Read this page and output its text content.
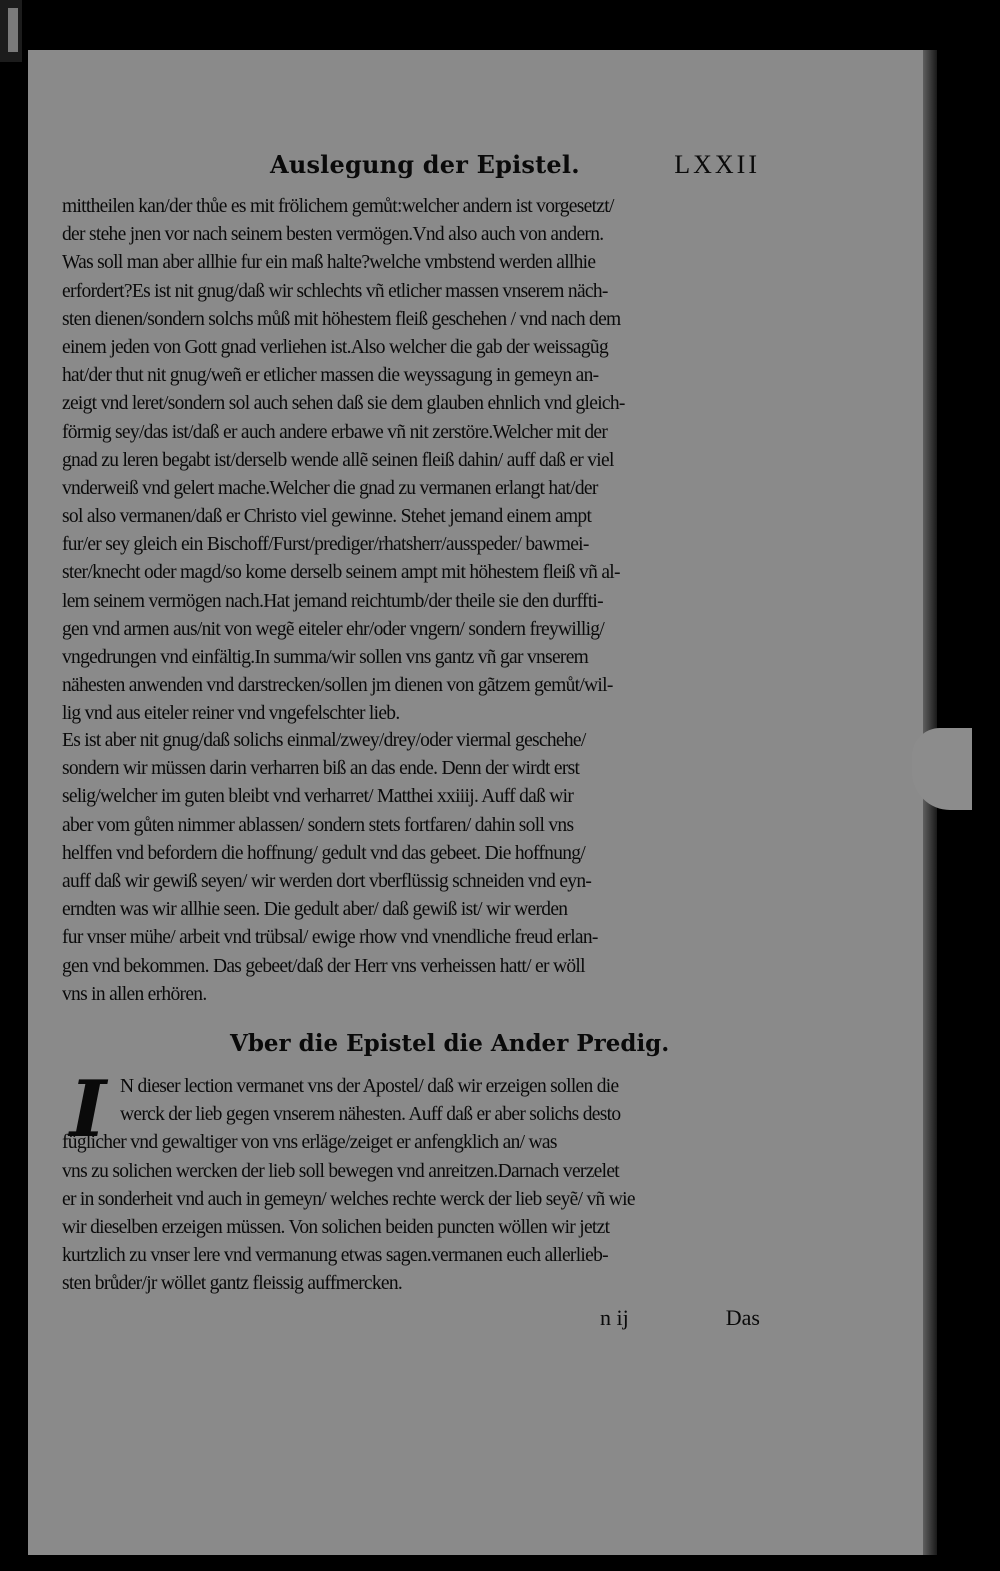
Auslegung der Epistel.	LXXII
mittheilen kan/der thůe es mit frölichem gemůt:welcher andern ist vorgesetzt/
der stehe jnen vor nach seinem besten vermögen.Vnd also auch von andern.
Was soll man aber allhie fur ein maß halte?welche vmbstend werden allhie
erfordert?Es ist nit gnug/daß wir schlechts vñ etlicher massen vnserem näch-
sten dienen/sondern solchs můß mit höhestem fleiß geschehen / vnd nach dem
einem jeden von Gott gnad verliehen ist.Also welcher die gab der weissagũg
hat/der thut nit gnug/weñ er etlicher massen die weyssagung in gemeyn an-
zeigt vnd leret/sondern sol auch sehen daß sie dem glauben ehnlich vnd gleich-
förmig sey/das ist/daß er auch andere erbawe vñ nit zerstöre.Welcher mit der
gnad zu leren begabt ist/derselb wende allẽ seinen fleiß dahin/ auff daß er viel
vnderweiß vnd gelert mache.Welcher die gnad zu vermanen erlangt hat/der
sol also vermanen/daß er Christo viel gewinne. Stehet jemand einem ampt
fur/er sey gleich ein Bischoff/Furst/prediger/rhatsherr/ausspeder/ bawmei-
ster/knecht oder magd/so kome derselb seinem ampt mit höhestem fleiß vñ al-
lem seinem vermögen nach.Hat jemand reichtumb/der theile sie den durffti-
gen vnd armen aus/nit von wegẽ eiteler ehr/oder vngern/ sondern freywillig/
vngedrungen vnd einfältig.In summa/wir sollen vns gantz vñ gar vnserem
nähesten anwenden vnd darstrecken/sollen jm dienen von gãtzem gemůt/wil-
lig vnd aus eiteler reiner vnd vngefelschter lieb.
Es ist aber nit gnug/daß solichs einmal/zwey/drey/oder viermal geschehe/
sondern wir müssen darin verharren biß an das ende. Denn der wirdt erst
selig/welcher im guten bleibt vnd verharret/ Matthei xxiiij. Auff daß wir
aber vom gůten nimmer ablassen/ sondern stets fortfaren/ dahin soll vns
helffen vnd befordern die hoffnung/ gedult vnd das gebeet. Die hoffnung/
auff daß wir gewiß seyen/ wir werden dort vberflüssig schneiden vnd eyn-
erndten was wir allhie seen. Die gedult aber/ daß gewiß ist/ wir werden
fur vnser mühe/ arbeit vnd trübsal/ ewige rhow vnd vnendliche freud erlan-
gen vnd bekommen. Das gebeet/daß der Herr vns verheissen hatt/ er wöll
vns in allen erhören.
Vber die Epistel die Ander Predig.
I N dieser lection vermanet vns der Apostel/ daß wir erzeigen sollen die
werck der lieb gegen vnserem nähesten. Auff daß er aber solichs desto
füglicher vnd gewaltiger von vns erläge/zeiget er anfengklich an/ was
vns zu solichen wercken der lieb soll bewegen vnd anreitzen.Darnach verzelet
er in sonderheit vnd auch in gemeyn/ welches rechte werck der lieb seyẽ/ vñ wie
wir dieselben erzeigen müssen. Von solichen beiden puncten wöllen wir jetzt
kurtzlich zu vnser lere vnd vermanung etwas sagen.vermanen euch allerlieb-
sten brůder/jr wöllet gantz fleissig auffmercken.
n ij	Das
